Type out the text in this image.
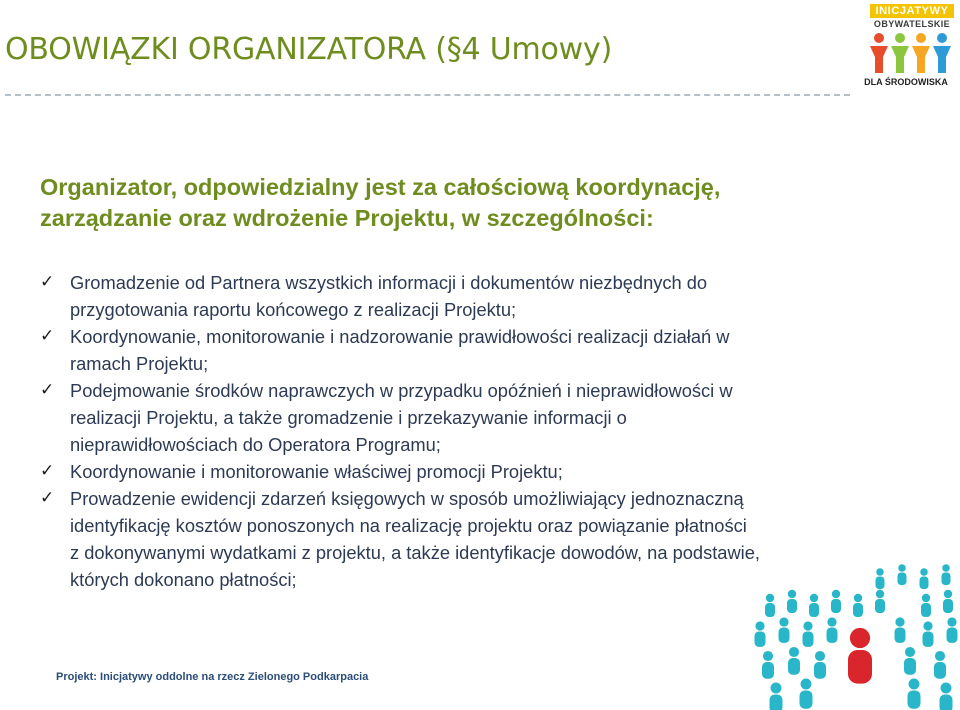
OBOWIĄZKI ORGANIZATORA (§4 Umowy)
INICJATYWY
OBYWATELSKIE
DLA ŚRODOWISKA
Organizator, odpowiedzialny jest za całościową koordynację,
zarządzanie oraz wdrożenie Projektu, w szczególności:
✓ Gromadzenie od Partnera wszystkich informacji i dokumentów niezbędnych do
przygotowania raportu końcowego z realizacji Projektu;
✓ Koordynowanie, monitorowanie i nadzorowanie prawidłowości realizacji działań w
ramach Projektu;
✓ Podejmowanie środków naprawczych w przypadku opóźnień i nieprawidłowości w
realizacji Projektu, a także gromadzenie i przekazywanie informacji o
nieprawidłowościach do Operatora Programu;
✓ Koordynowanie i monitorowanie właściwej promocji Projektu;
✓ Prowadzenie ewidencji zdarzeń księgowych w sposób umożliwiający jednoznaczną
identyfikację kosztów ponoszonych na realizację projektu oraz powiązanie płatności
z dokonywanymi wydatkami z projektu, a także identyfikacje dowodów, na podstawie,
których dokonano płatności;
Projekt: Inicjatywy oddolne na rzecz Zielonego Podkarpacia
